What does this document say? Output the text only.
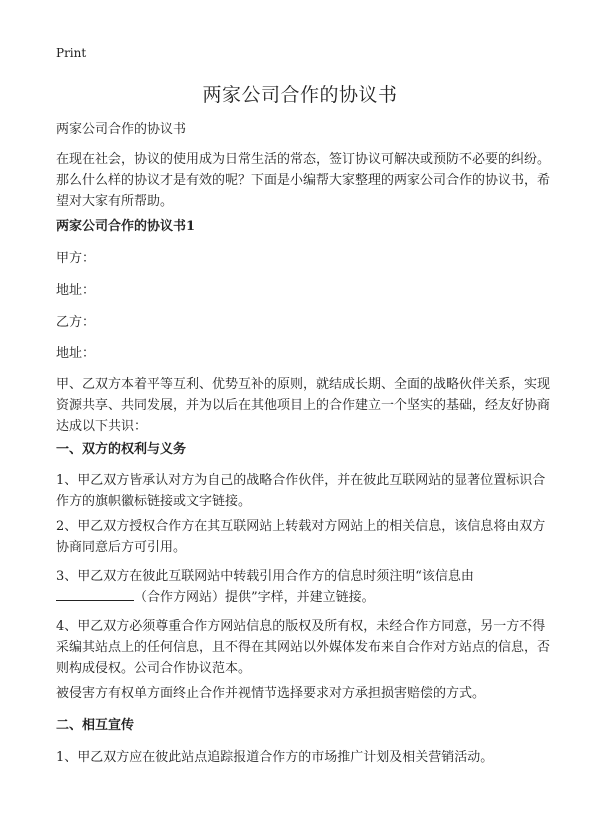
Print
两家公司合作的协议书
两家公司合作的协议书
在现在社会，协议的使用成为日常生活的常态，签订协议可解决或预防不必要的纠纷。那么什么样的协议才是有效的呢？下面是小编帮大家整理的两家公司合作的协议书，希望对大家有所帮助。
两家公司合作的协议书1
甲方：
地址：
乙方：
地址：
甲、乙双方本着平等互利、优势互补的原则，就结成长期、全面的战略伙伴关系，实现资源共享、共同发展，并为以后在其他项目上的合作建立一个坚实的基础，经友好协商达成以下共识：
一、双方的权利与义务
1、甲乙双方皆承认对方为自己的战略合作伙伴，并在彼此互联网站的显著位置标识合作方的旗帜徽标链接或文字链接。
2、甲乙双方授权合作方在其互联网站上转载对方网站上的相关信息，该信息将由双方协商同意后方可引用。
3、甲乙双方在彼此互联网站中转载引用合作方的信息时须注明“该信息由
（合作方网站）提供”字样，并建立链接。
4、甲乙双方必须尊重合作方网站信息的版权及所有权，未经合作方同意，另一方不得采编其站点上的任何信息，且不得在其网站以外媒体发布来自合作对方站点的信息，否则构成侵权。公司合作协议范本。
被侵害方有权单方面终止合作并视情节选择要求对方承担损害赔偿的方式。
二、相互宣传
1、甲乙双方应在彼此站点追踪报道合作方的市场推广计划及相关营销活动。
